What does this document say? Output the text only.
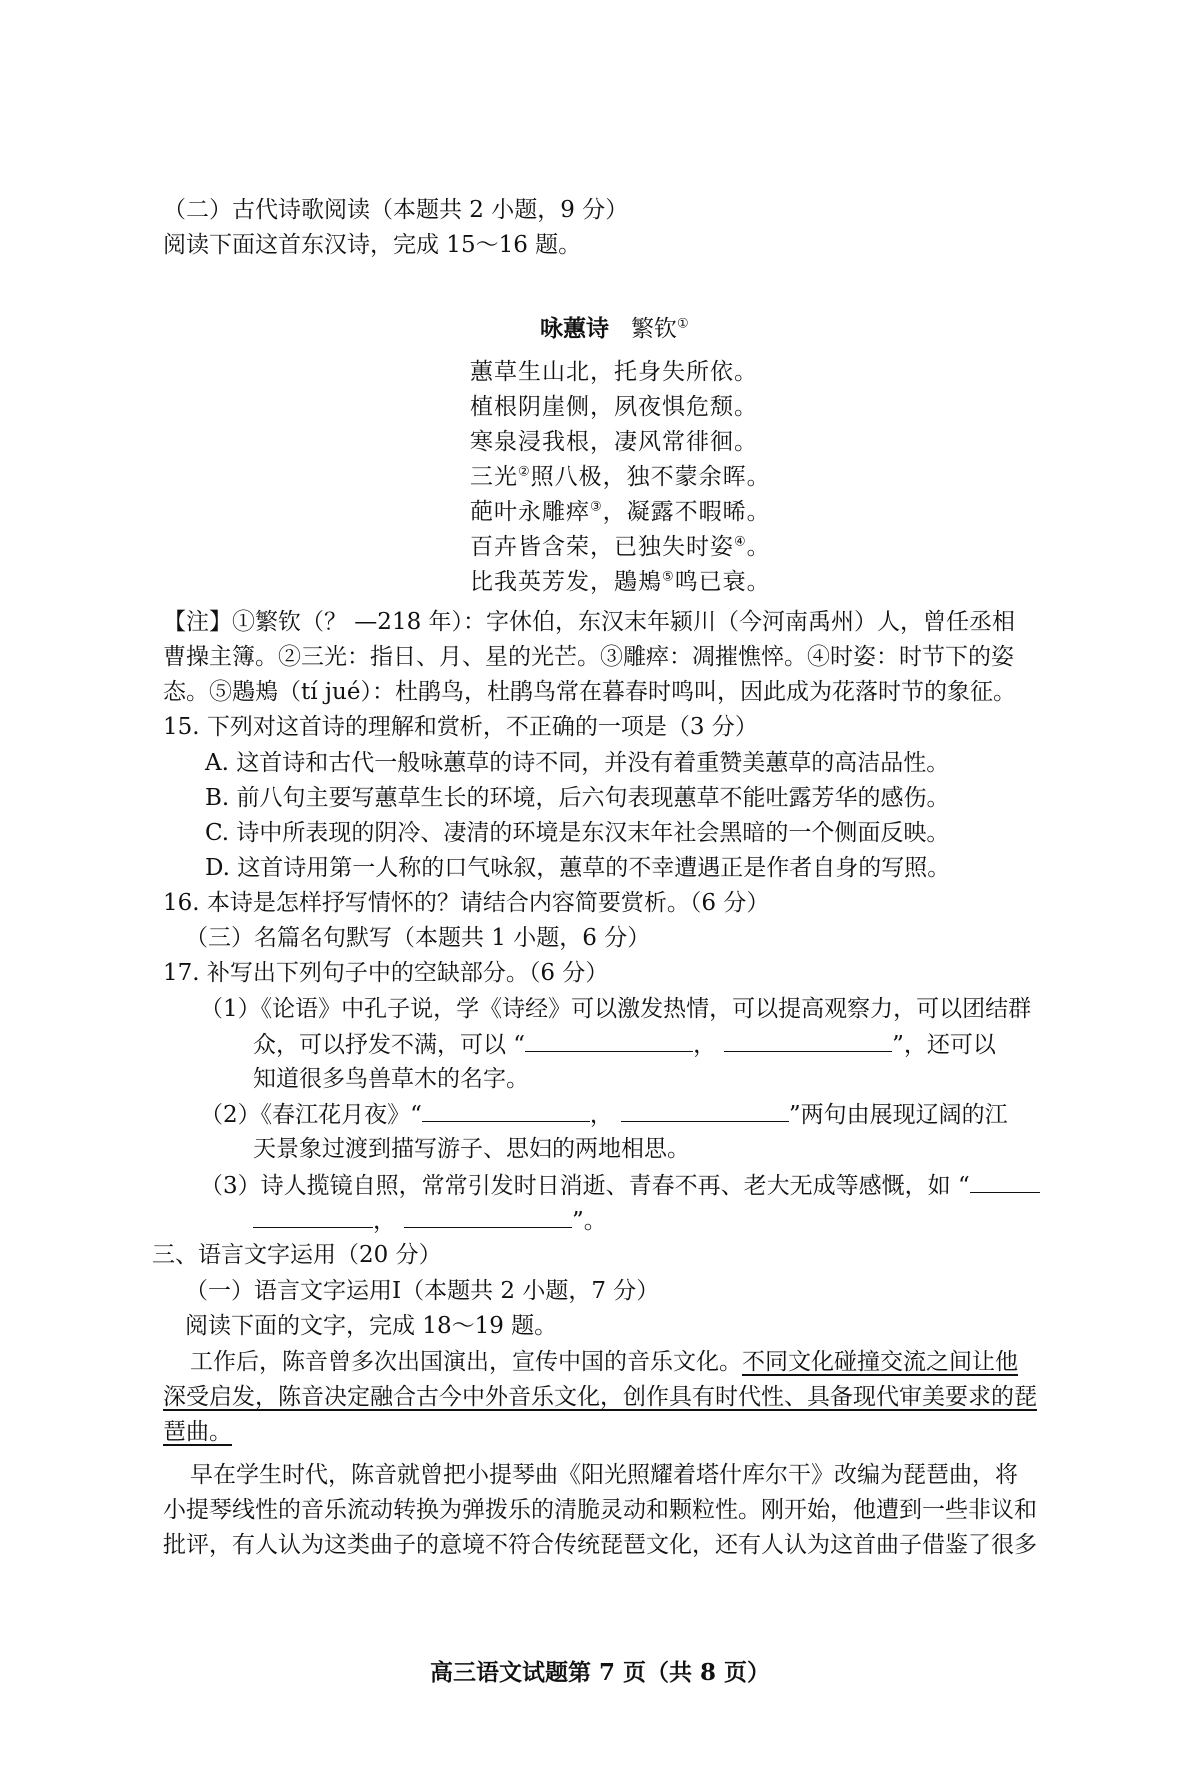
（二）古代诗歌阅读（本题共 2 小题，9 分）
阅读下面这首东汉诗，完成 15～16 题。
咏蕙诗 繁钦①
蕙草生山北，托身失所依。
植根阴崖侧，夙夜惧危颓。
寒泉浸我根，凄风常徘徊。
三光②照八极，独不蒙余晖。
葩叶永雕瘁③，凝露不暇晞。
百卉皆含荣，已独失时姿④。
比我英芳发，鶗鴂⑤鸣已衰。
【注】①繁钦（？ —218 年）：字休伯，东汉末年颍川（今河南禹州）人，曾任丞相
曹操主簿。②三光：指日、月、星的光芒。③雕瘁：凋摧憔悴。④时姿：时节下的姿
态。⑤鶗鴂（tí jué）：杜鹃鸟，杜鹃鸟常在暮春时鸣叫，因此成为花落时节的象征。
15. 下列对这首诗的理解和赏析，不正确的一项是（3 分）
A. 这首诗和古代一般咏蕙草的诗不同，并没有着重赞美蕙草的高洁品性。
B. 前八句主要写蕙草生长的环境，后六句表现蕙草不能吐露芳华的感伤。
C. 诗中所表现的阴冷、凄清的环境是东汉末年社会黑暗的一个侧面反映。
D. 这首诗用第一人称的口气咏叙，蕙草的不幸遭遇正是作者自身的写照。
16. 本诗是怎样抒写情怀的？请结合内容简要赏析。（6 分）
（三）名篇名句默写（本题共 1 小题，6 分）
17. 补写出下列句子中的空缺部分。（6 分）
（1）《论语》中孔子说，学《诗经》可以激发热情，可以提高观察力，可以团结群
众，可以抒发不满，可以 “	，	”，还可以
知道很多鸟兽草木的名字。
（2）《春江花月夜》“	，	”两句由展现辽阔的江
天景象过渡到描写游子、思妇的两地相思。
（3）诗人揽镜自照，常常引发时日消逝、青春不再、老大无成等感慨，如 “
，	”。
三、语言文字运用（20 分）
（一）语言文字运用Ⅰ（本题共 2 小题，7 分）
阅读下面的文字，完成 18～19 题。
工作后，陈音曾多次出国演出，宣传中国的音乐文化。不同文化碰撞交流之间让他
深受启发，陈音决定融合古今中外音乐文化，创作具有时代性、具备现代审美要求的琵
琶曲。
早在学生时代，陈音就曾把小提琴曲《阳光照耀着塔什库尔干》改编为琵琶曲，将
小提琴线性的音乐流动转换为弹拨乐的清脆灵动和颗粒性。刚开始，他遭到一些非议和
批评，有人认为这类曲子的意境不符合传统琵琶文化，还有人认为这首曲子借鉴了很多
高三语文试题第 7 页（共 8 页）
